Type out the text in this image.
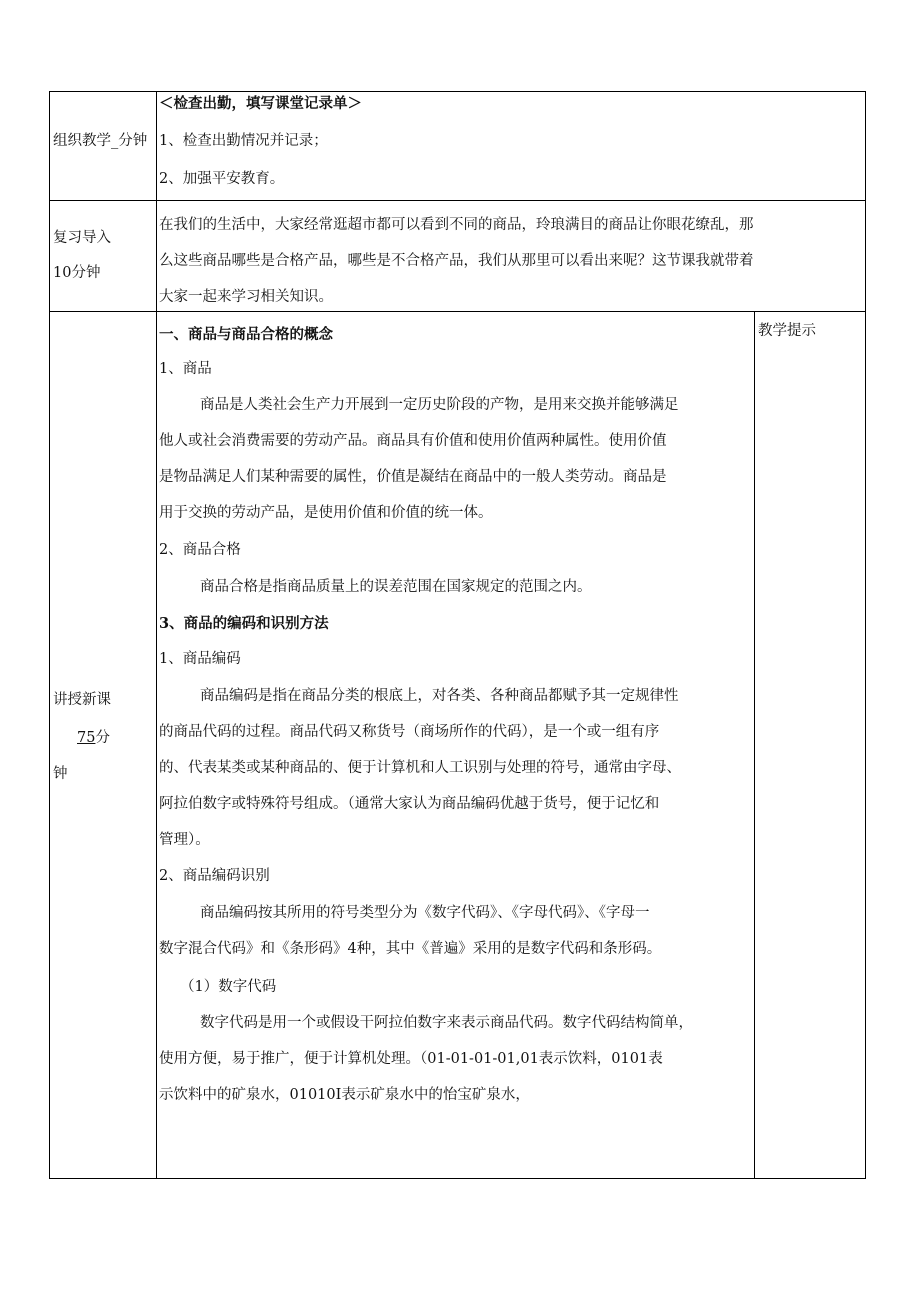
组织教学_分钟
＜检查出勤，填写课堂记录单＞
1、检查出勤情况并记录；
2、加强平安教育。
复习导入
10分钟
在我们的生活中，大家经常逛超市都可以看到不同的商品，玲琅满目的商品让你眼花缭乱，那
么这些商品哪些是合格产品，哪些是不合格产品，我们从那里可以看出来呢？这节课我就带着
大家一起来学习相关知识。
讲授新课
75分
钟
教学提示
一、商品与商品合格的概念
1、商品
商品是人类社会生产力开展到一定历史阶段的产物，是用来交换并能够满足
他人或社会消费需要的劳动产品。商品具有价值和使用价值两种属性。使用价值
是物品满足人们某种需要的属性，价值是凝结在商品中的一般人类劳动。商品是
用于交换的劳动产品，是使用价值和价值的统一体。
2、商品合格
商品合格是指商品质量上的误差范围在国家规定的范围之内。
3、商品的编码和识别方法
1、商品编码
商品编码是指在商品分类的根底上，对各类、各种商品都赋予其一定规律性
的商品代码的过程。商品代码又称货号（商场所作的代码），是一个或一组有序
的、代表某类或某种商品的、便于计算机和人工识别与处理的符号，通常由字母、
阿拉伯数字或特殊符号组成。（通常大家认为商品编码优越于货号，便于记忆和
管理）。
2、商品编码识别
商品编码按其所用的符号类型分为《数字代码》、《字母代码》、《字母一
数字混合代码》和《条形码》4种，其中《普遍》采用的是数字代码和条形码。
（1）数字代码
数字代码是用一个或假设干阿拉伯数字来表示商品代码。数字代码结构简单，
使用方便，易于推广，便于计算机处理。（01-01-01-01,01表示饮料，0101表
示饮料中的矿泉水，01010I表示矿泉水中的怡宝矿泉水，
